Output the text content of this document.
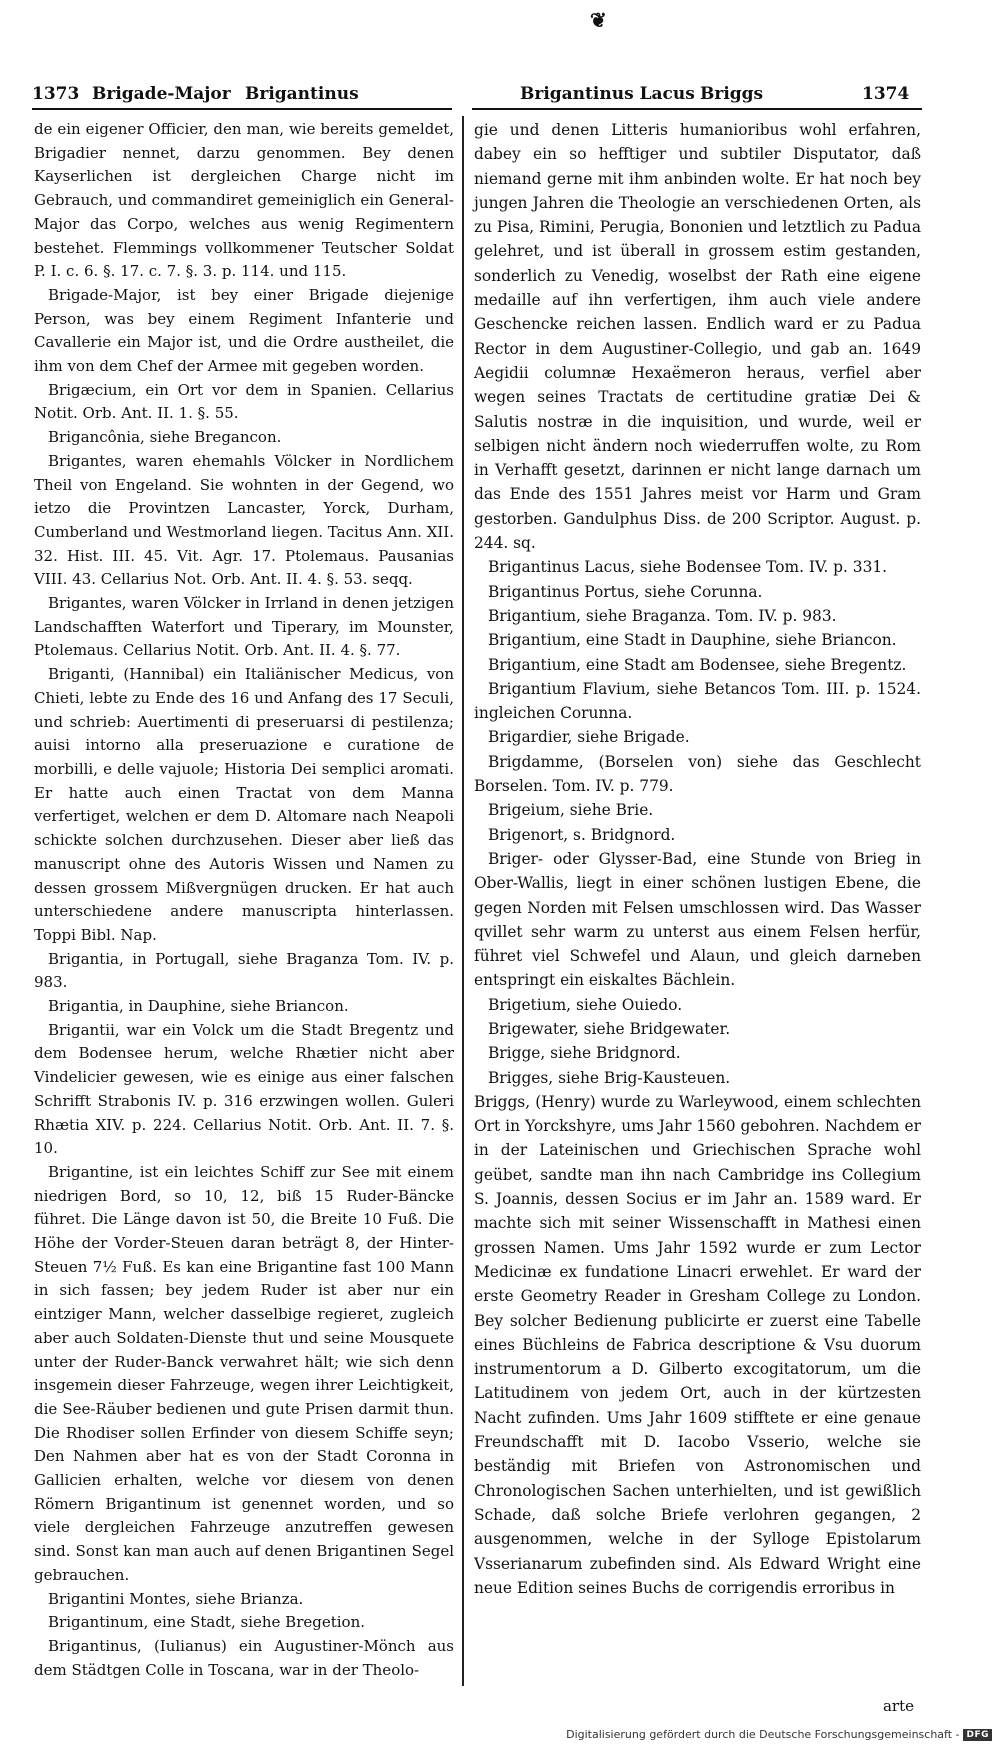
❦
1373 Brigade-Major Brigantinus	Brigantinus Lacus Briggs	1374

de ein eigener Officier, den man, wie bereits gemeldet, Brigadier nennet, darzu genommen. Bey denen Kayserlichen ist dergleichen Charge nicht im Gebrauch, und commandiret gemeiniglich ein General-Major das Corpo, welches aus wenig Regimentern bestehet. Flemmings vollkommener Teutscher Soldat P. I. c. 6. §. 17. c. 7. §. 3. p. 114. und 115.

Brigade-Major, ist bey einer Brigade diejenige Person, was bey einem Regiment Infanterie und Cavallerie ein Major ist, und die Ordre austheilet, die ihm von dem Chef der Armee mit gegeben worden.

Brigæcium, ein Ort vor dem in Spanien. Cellarius Notit. Orb. Ant. II. 1. §. 55.

Brigancônia, siehe Bregancon.

Brigantes, waren ehemahls Völcker in Nordlichem Theil von Engeland. Sie wohnten in der Gegend, wo ietzo die Provintzen Lancaster, Yorck, Durham, Cumberland und Westmorland liegen. Tacitus Ann. XII. 32. Hist. III. 45. Vit. Agr. 17. Ptolemaus. Pausanias VIII. 43. Cellarius Not. Orb. Ant. II. 4. §. 53. seqq.

Brigantes, waren Völcker in Irrland in denen jetzigen Landschafften Waterfort und Tiperary, im Mounster, Ptolemaus. Cellarius Notit. Orb. Ant. II. 4. §. 77.

Briganti, (Hannibal) ein Italiänischer Medicus, von Chieti, lebte zu Ende des 16 und Anfang des 17 Seculi, und schrieb: Auertimenti di preseruarsi di pestilenza; auisi intorno alla preseruazione e curatione de morbilli, e delle vajuole; Historia Dei semplici aromati. Er hatte auch einen Tractat von dem Manna verfertiget, welchen er dem D. Altomare nach Neapoli schickte solchen durchzusehen. Dieser aber ließ das manuscript ohne des Autoris Wissen und Namen zu dessen grossem Mißvergnügen drucken. Er hat auch unterschiedene andere manuscripta hinterlassen. Toppi Bibl. Nap.

Brigantia, in Portugall, siehe Braganza Tom. IV. p. 983.

Brigantia, in Dauphine, siehe Briancon.

Brigantii, war ein Volck um die Stadt Bregentz und dem Bodensee herum, welche Rhætier nicht aber Vindelicier gewesen, wie es einige aus einer falschen Schrifft Strabonis IV. p. 316 erzwingen wollen. Guleri Rhætia XIV. p. 224. Cellarius Notit. Orb. Ant. II. 7. §. 10.

Brigantine, ist ein leichtes Schiff zur See mit einem niedrigen Bord, so 10, 12, biß 15 Ruder-Bäncke führet. Die Länge davon ist 50, die Breite 10 Fuß. Die Höhe der Vorder-Steuen daran beträgt 8, der Hinter-Steuen 7½ Fuß. Es kan eine Brigantine fast 100 Mann in sich fassen; bey jedem Ruder ist aber nur ein eintziger Mann, welcher dasselbige regieret, zugleich aber auch Soldaten-Dienste thut und seine Mousquete unter der Ruder-Banck verwahret hält; wie sich denn insgemein dieser Fahrzeuge, wegen ihrer Leichtigkeit, die See-Räuber bedienen und gute Prisen darmit thun. Die Rhodiser sollen Erfinder von diesem Schiffe seyn; Den Nahmen aber hat es von der Stadt Coronna in Gallicien erhalten, welche vor diesem von denen Römern Brigantinum ist genennet worden, und so viele dergleichen Fahrzeuge anzutreffen gewesen sind. Sonst kan man auch auf denen Brigantinen Segel gebrauchen.

Brigantini Montes, siehe Brianza.

Brigantinum, eine Stadt, siehe Bregetion.

Brigantinus, (Iulianus) ein Augustiner-Mönch aus dem Städtgen Colle in Toscana, war in der Theolo-

gie und denen Litteris humanioribus wohl erfahren, dabey ein so hefftiger und subtiler Disputator, daß niemand gerne mit ihm anbinden wolte. Er hat noch bey jungen Jahren die Theologie an verschiedenen Orten, als zu Pisa, Rimini, Perugia, Bononien und letztlich zu Padua gelehret, und ist überall in grossem estim gestanden, sonderlich zu Venedig, woselbst der Rath eine eigene medaille auf ihn verfertigen, ihm auch viele andere Geschencke reichen lassen. Endlich ward er zu Padua Rector in dem Augustiner-Collegio, und gab an. 1649 Aegidii columnæ Hexaëmeron heraus, verfiel aber wegen seines Tractats de certitudine gratiæ Dei & Salutis nostræ in die inquisition, und wurde, weil er selbigen nicht ändern noch wiederruffen wolte, zu Rom in Verhafft gesetzt, darinnen er nicht lange darnach um das Ende des 1551 Jahres meist vor Harm und Gram gestorben. Gandulphus Diss. de 200 Scriptor. August. p. 244. sq.

Brigantinus Lacus, siehe Bodensee Tom. IV. p. 331.

Brigantinus Portus, siehe Corunna.

Brigantium, siehe Braganza. Tom. IV. p. 983.

Brigantium, eine Stadt in Dauphine, siehe Briancon.

Brigantium, eine Stadt am Bodensee, siehe Bregentz.

Brigantium Flavium, siehe Betancos Tom. III. p. 1524. ingleichen Corunna.

Brigardier, siehe Brigade.

Brigdamme, (Borselen von) siehe das Geschlecht Borselen. Tom. IV. p. 779.

Brigeium, siehe Brie.

Brigenort, s. Bridgnord.

Briger- oder Glysser-Bad, eine Stunde von Brieg in Ober-Wallis, liegt in einer schönen lustigen Ebene, die gegen Norden mit Felsen umschlossen wird. Das Wasser qvillet sehr warm zu unterst aus einem Felsen herfür, führet viel Schwefel und Alaun, und gleich darneben entspringt ein eiskaltes Bächlein.

Brigetium, siehe Ouiedo.

Brigewater, siehe Bridgewater.

Brigge, siehe Bridgnord.

Brigges, siehe Brig-Kausteuen.

Briggs, (Henry) wurde zu Warleywood, einem schlechten Ort in Yorckshyre, ums Jahr 1560 gebohren. Nachdem er in der Lateinischen und Griechischen Sprache wohl geübet, sandte man ihn nach Cambridge ins Collegium S. Joannis, dessen Socius er im Jahr an. 1589 ward. Er machte sich mit seiner Wissenschafft in Mathesi einen grossen Namen. Ums Jahr 1592 wurde er zum Lector Medicinæ ex fundatione Linacri erwehlet. Er ward der erste Geometry Reader in Gresham College zu London. Bey solcher Bedienung publicirte er zuerst eine Tabelle eines Büchleins de Fabrica descriptione & Vsu duorum instrumentorum a D. Gilberto excogitatorum, um die Latitudinem von jedem Ort, auch in der kürtzesten Nacht zufinden. Ums Jahr 1609 stifftete er eine genaue Freundschafft mit D. Iacobo Vsserio, welche sie beständig mit Briefen von Astronomischen und Chronologischen Sachen unterhielten, und ist gewißlich Schade, daß solche Briefe verlohren gegangen, 2 ausgenommen, welche in der Sylloge Epistolarum Vsserianarum zubefinden sind. Als Edward Wright eine neue Edition seines Buchs de corrigendis erroribus in

arte
Digitalisierung gefördert durch die Deutsche Forschungsgemeinschaft - DFG
